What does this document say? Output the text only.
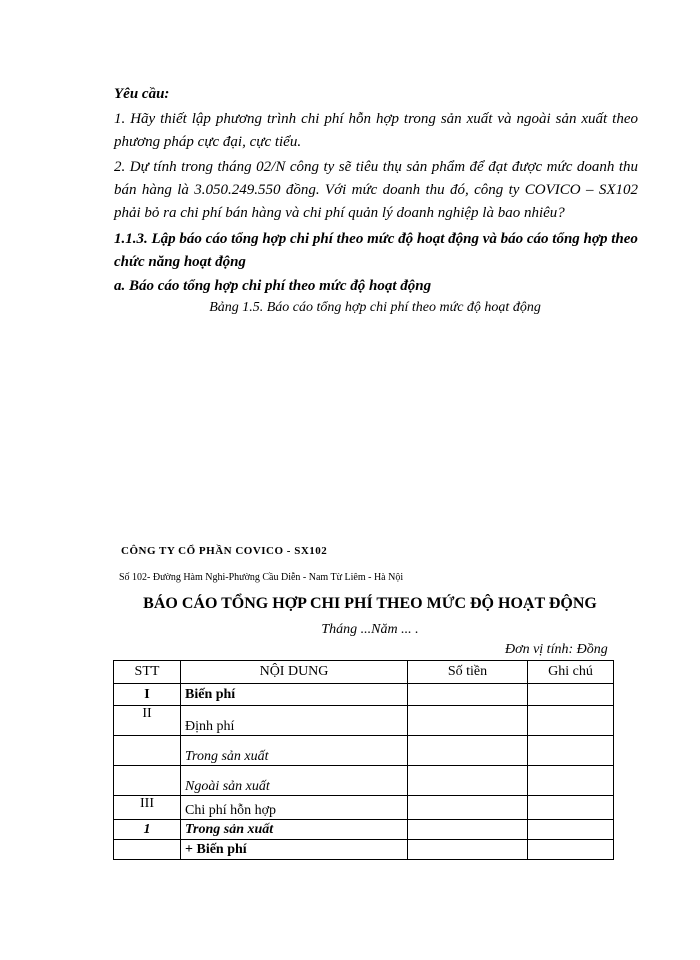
Yêu cầu:
1. Hãy thiết lập phương trình chi phí hỗn hợp trong sản xuất và ngoài sản xuất theo phương pháp cực đại, cực tiểu.
2. Dự tính trong tháng 02/N công ty sẽ tiêu thụ sản phẩm để đạt được mức doanh thu bán hàng là 3.050.249.550 đồng. Với mức doanh thu đó, công ty COVICO – SX102 phải bỏ ra chi phí bán hàng và chi phí quản lý doanh nghiệp là bao nhiêu?
1.1.3. Lập báo cáo tổng hợp chi phí theo mức độ hoạt động và báo cáo tổng hợp theo chức năng hoạt động
a. Báo cáo tổng hợp chi phí theo mức độ hoạt động
Bảng 1.5. Báo cáo tổng hợp chi phí theo mức độ hoạt động
CÔNG TY CỔ PHẦN COVICO - SX102
Số 102- Đường Hàm Nghi-Phường Cầu Diễn - Nam Từ Liêm - Hà Nội
BÁO CÁO TỔNG HỢP CHI PHÍ THEO MỨC ĐỘ HOẠT ĐỘNG
Tháng ...Năm ... .
Đơn vị tính: Đồng
STT	NỘI DUNG	Số tiền	Ghi chú
I	Biến phí		
II	Định phí		
	Trong sản xuất		
	Ngoài sản xuất		
III	Chi phí hỗn hợp		
1	Trong sản xuất		
	+ Biến phí		
